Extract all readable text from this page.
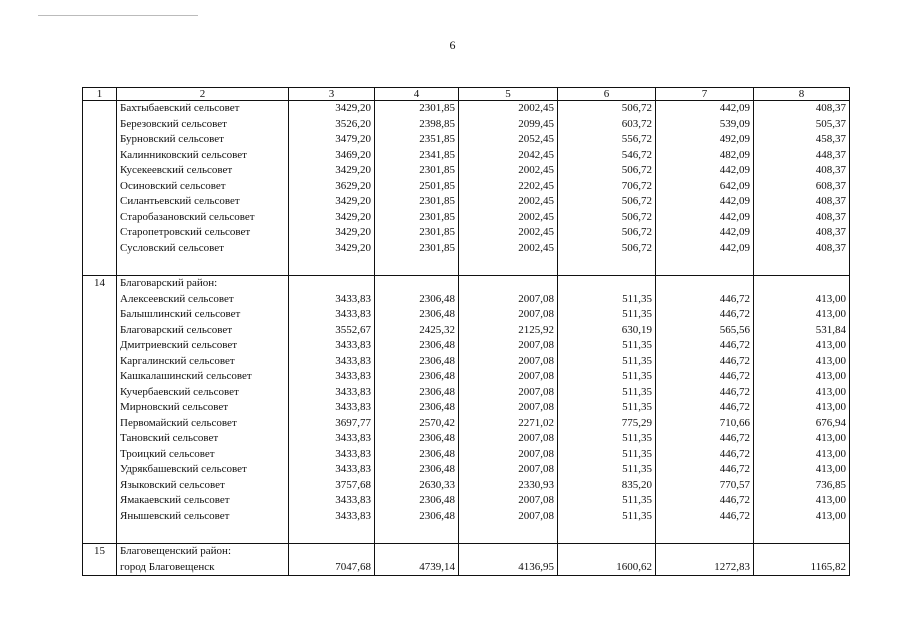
6
1	2	3	4	5	6	7	8
	Бахтыбаевский сельсовет	3429,20	2301,85	2002,45	506,72	442,09	408,37
	Березовский сельсовет	3526,20	2398,85	2099,45	603,72	539,09	505,37
	Бурновский сельсовет	3479,20	2351,85	2052,45	556,72	492,09	458,37
	Калинниковский сельсовет	3469,20	2341,85	2042,45	546,72	482,09	448,37
	Кусекеевский сельсовет	3429,20	2301,85	2002,45	506,72	442,09	408,37
	Осиновский сельсовет	3629,20	2501,85	2202,45	706,72	642,09	608,37
	Силантьевский сельсовет	3429,20	2301,85	2002,45	506,72	442,09	408,37
	Старобазановский сельсовет	3429,20	2301,85	2002,45	506,72	442,09	408,37
	Старопетровский сельсовет	3429,20	2301,85	2002,45	506,72	442,09	408,37
	Сусловский сельсовет	3429,20	2301,85	2002,45	506,72	442,09	408,37

14	Благоварский район:						
	Алексеевский сельсовет	3433,83	2306,48	2007,08	511,35	446,72	413,00
	Балышлинский сельсовет	3433,83	2306,48	2007,08	511,35	446,72	413,00
	Благоварский сельсовет	3552,67	2425,32	2125,92	630,19	565,56	531,84
	Дмитриевский сельсовет	3433,83	2306,48	2007,08	511,35	446,72	413,00
	Каргалинский сельсовет	3433,83	2306,48	2007,08	511,35	446,72	413,00
	Кашкалашинский сельсовет	3433,83	2306,48	2007,08	511,35	446,72	413,00
	Кучербаевский сельсовет	3433,83	2306,48	2007,08	511,35	446,72	413,00
	Мирновский сельсовет	3433,83	2306,48	2007,08	511,35	446,72	413,00
	Первомайский сельсовет	3697,77	2570,42	2271,02	775,29	710,66	676,94
	Тановский сельсовет	3433,83	2306,48	2007,08	511,35	446,72	413,00
	Троицкий сельсовет	3433,83	2306,48	2007,08	511,35	446,72	413,00
	Удрякбашевский сельсовет	3433,83	2306,48	2007,08	511,35	446,72	413,00
	Языковский сельсовет	3757,68	2630,33	2330,93	835,20	770,57	736,85
	Ямакаевский сельсовет	3433,83	2306,48	2007,08	511,35	446,72	413,00
	Янышевский сельсовет	3433,83	2306,48	2007,08	511,35	446,72	413,00

15	Благовещенский район:						
	город Благовещенск	7047,68	4739,14	4136,95	1600,62	1272,83	1165,82
